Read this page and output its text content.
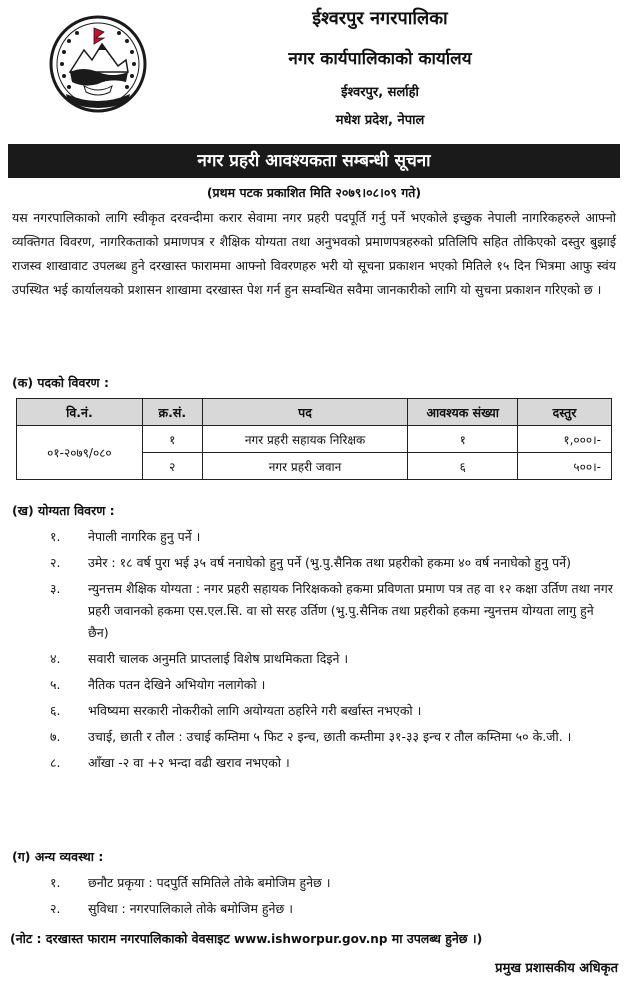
ईश्वरपुर नगरपालिका
नगर कार्यपालिकाको कार्यालय
ईश्वरपुर, सर्लाही
मधेश प्रदेश, नेपाल
नगर प्रहरी आवश्यकता सम्बन्धी सूचना
(प्रथम पटक प्रकाशित मिति २०७९।०८।०९ गते)

यस नगरपालिकाको लागि स्वीकृत दरवन्दीमा करार सेवामा नगर प्रहरी पदपूर्ति गर्नु पर्ने भएकोले इच्छुक नेपाली नागरिकहरुले आफ्नो व्यक्तिगत विवरण, नागरिकताको प्रमाणपत्र र शैक्षिक योग्यता तथा अनुभवको प्रमाणपत्रहरुको प्रतिलिपि सहित तोकिएको दस्तुर बुझाई राजस्व शाखावाट उपलब्ध हुने दरखास्त फाराममा आफ्नो विवरणहरु भरी यो सूचना प्रकाशन भएको मितिले १५ दिन भित्रमा आफु स्वंय उपस्थित भई कार्यालयको प्रशासन शाखामा दरखास्त पेश गर्न हुन सम्वन्धित सवैमा जानकारीको लागि यो सुचना प्रकाशन गरिएको छ ।

(क) पदको विवरण :
वि.नं.	क्र.सं.	पद	आवश्यक संख्या	दस्तुर
०१-२०७९/०८०	१	नगर प्रहरी सहायक निरिक्षक	१	१,०००।-
	२	नगर प्रहरी जवान	६	५००।-
(ख) योग्यता विवरण :
१.	नेपाली नागरिक हुनु पर्ने ।
२.	उमेर : १८ वर्ष पुरा भई ३५ वर्ष ननाघेको हुनु पर्ने (भु.पु.सैनिक तथा प्रहरीको हकमा ४० वर्ष ननाघेको हुनु पर्ने)
३.	न्युनत्तम शैक्षिक योग्यता : नगर प्रहरी सहायक निरिक्षकको हकमा प्रविणता प्रमाण पत्र तह वा १२ कक्षा उर्तिण तथा नगर प्रहरी जवानको हकमा एस.एल.सि. वा सो सरह उर्तिण (भु.पु.सैनिक तथा प्रहरीको हकमा न्युनत्तम योग्यता लागु हुने छैन)
४.	सवारी चालक अनुमति प्राप्तलाई विशेष प्राथमिकता दिइने ।
५.	नैतिक पतन देखिने अभियोग नलागेको ।
६.	भविष्यमा सरकारी नोकरीको लागि अयोग्यता ठहरिने गरी बर्खास्त नभएको ।
७.	उचाई, छाती र तौल : उचाई कम्तिमा ५ फिट २ इन्च, छाती कम्तीमा ३१-३३ इन्च र तौल कम्तिमा ५० के.जी. ।
८.	आँखा -२ वा +२ भन्दा वढी खराव नभएको ।
(ग) अन्य व्यवस्था :
१.	छनौट प्रकृया : पदपुर्ति समितिले तोके बमोजिम हुनेछ ।
२.	सुविधा : नगरपालिकाले तोके बमोजिम हुनेछ ।
(नोट : दरखास्त फाराम नगरपालिकाको वेवसाइट www.ishworpur.gov.np मा उपलब्ध हुनेछ ।)
प्रमुख प्रशासकीय अधिकृत
